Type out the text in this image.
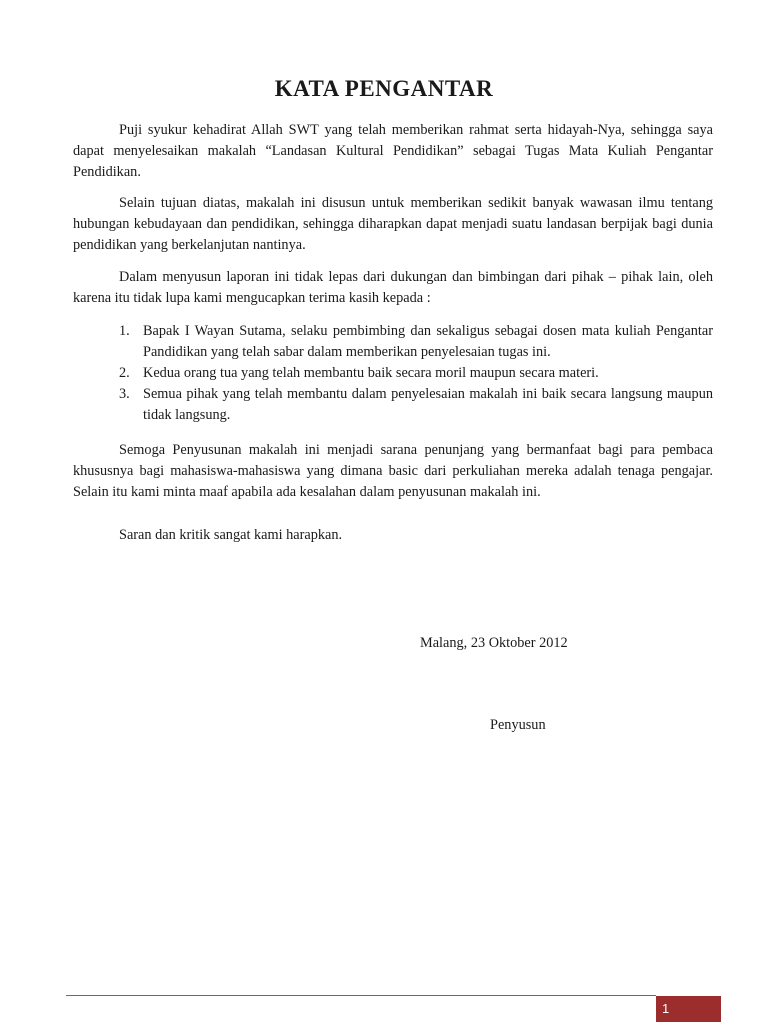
KATA PENGANTAR

Puji syukur kehadirat Allah SWT yang telah memberikan rahmat serta hidayah-Nya, sehingga saya dapat menyelesaikan makalah “Landasan Kultural Pendidikan” sebagai Tugas Mata Kuliah Pengantar Pendidikan.

Selain tujuan diatas, makalah ini disusun untuk memberikan sedikit banyak wawasan ilmu tentang hubungan kebudayaan dan pendidikan, sehingga diharapkan dapat menjadi suatu landasan berpijak bagi dunia pendidikan yang berkelanjutan nantinya.

Dalam menyusun laporan ini tidak lepas dari dukungan dan bimbingan dari pihak – pihak lain, oleh karena itu tidak lupa kami mengucapkan terima kasih kepada :

1. Bapak I Wayan Sutama, selaku pembimbing dan sekaligus sebagai dosen mata kuliah Pengantar Pandidikan yang telah sabar dalam memberikan penyelesaian tugas ini.
2. Kedua orang tua yang telah membantu baik secara moril maupun secara materi.
3. Semua pihak yang telah membantu dalam penyelesaian makalah ini baik secara langsung maupun tidak langsung.

Semoga Penyusunan makalah ini menjadi sarana penunjang yang bermanfaat bagi para pembaca khususnya bagi mahasiswa-mahasiswa yang dimana basic dari perkuliahan mereka adalah tenaga pengajar. Selain itu kami minta maaf apabila ada kesalahan dalam penyusunan makalah ini.

Saran dan kritik sangat kami harapkan.

Malang, 23 Oktober 2012

Penyusun

1
